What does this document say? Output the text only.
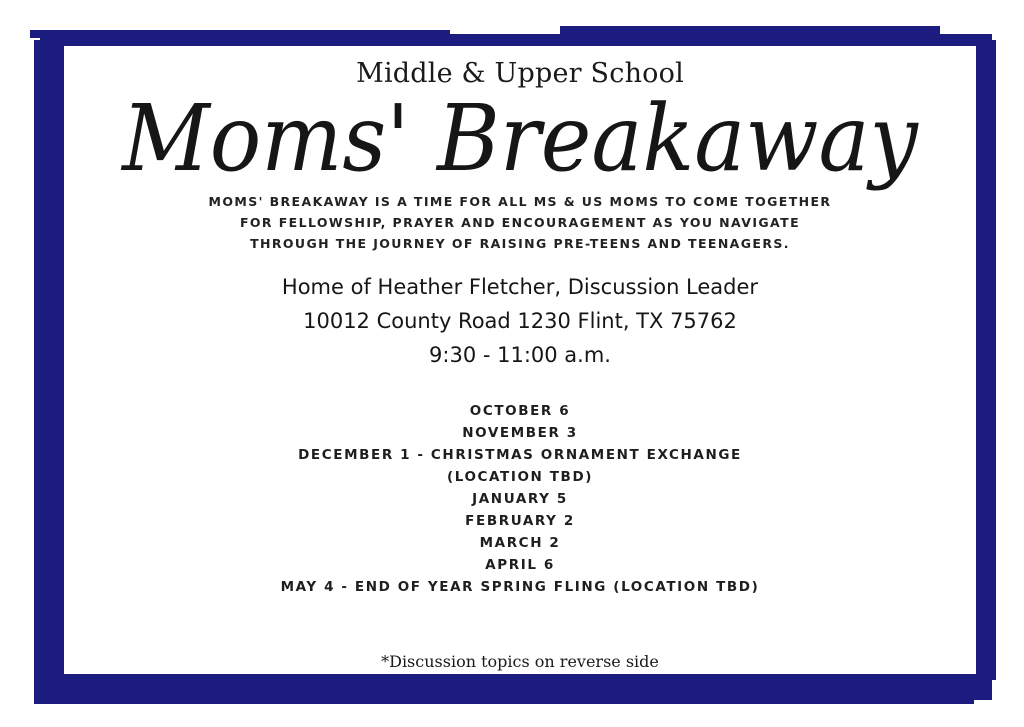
Middle & Upper School
Moms' Breakaway
MOMS' BREAKAWAY IS A TIME FOR ALL MS & US MOMS TO COME TOGETHER
FOR FELLOWSHIP, PRAYER AND ENCOURAGEMENT AS YOU NAVIGATE
THROUGH THE JOURNEY OF RAISING PRE-TEENS AND TEENAGERS.
Home of Heather Fletcher, Discussion Leader
10012 County Road 1230 Flint, TX 75762
9:30 - 11:00 a.m.
OCTOBER 6
NOVEMBER 3
DECEMBER 1 - CHRISTMAS ORNAMENT EXCHANGE
(LOCATION TBD)
JANUARY 5
FEBRUARY 2
MARCH 2
APRIL 6
MAY 4 - END OF YEAR SPRING FLING (LOCATION TBD)
*Discussion topics on reverse side
